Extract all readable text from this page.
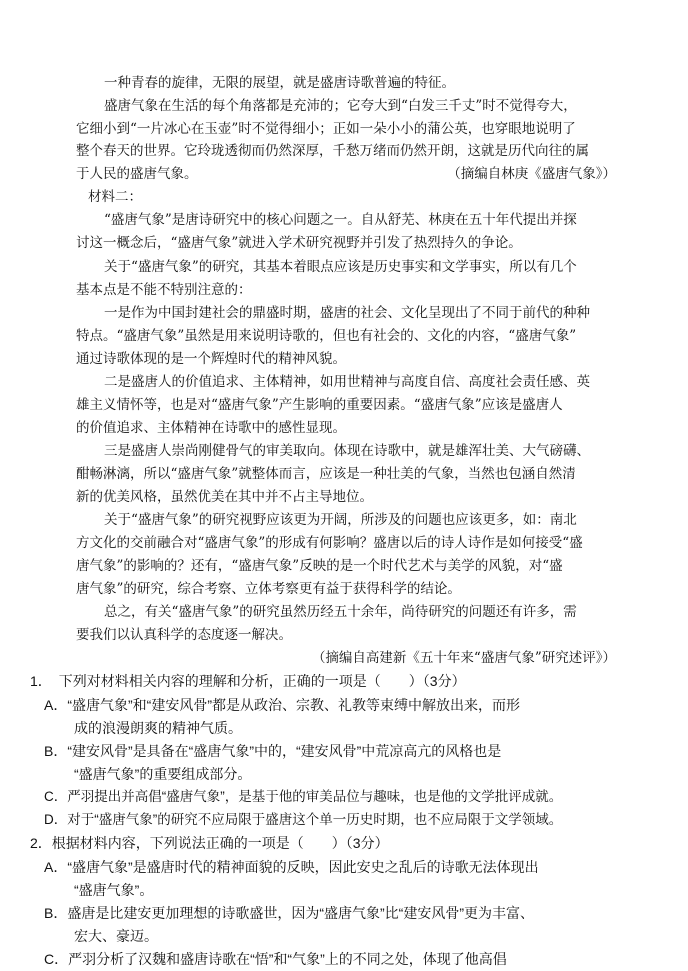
一种青春的旋律，无限的展望，就是盛唐诗歌普遍的特征。
盛唐气象在生活的每个角落都是充沛的；它夸大到“白发三千丈”时不觉得夸大，
它细小到“一片冰心在玉壶”时不觉得细小；正如一朵小小的蒲公英，也穿眼地说明了
整个春天的世界。它玲珑透彻而仍然深厚，千愁万绪而仍然开朗，这就是历代向往的属
于人民的盛唐气象。	（摘编自林庚《盛唐气象》）
材料二：
“盛唐气象”是唐诗研究中的核心问题之一。自从舒芜、林庚在五十年代提出并探
讨这一概念后，“盛唐气象”就进入学术研究视野并引发了热烈持久的争论。
关于“盛唐气象”的研究，其基本着眼点应该是历史事实和文学事实，所以有几个
基本点是不能不特别注意的：
一是作为中国封建社会的鼎盛时期，盛唐的社会、文化呈现出了不同于前代的种种
特点。“盛唐气象”虽然是用来说明诗歌的，但也有社会的、文化的内容，“盛唐气象”
通过诗歌体现的是一个辉煌时代的精神风貌。
二是盛唐人的价值追求、主体精神，如用世精神与高度自信、高度社会责任感、英
雄主义情怀等，也是对“盛唐气象”产生影响的重要因素。“盛唐气象”应该是盛唐人
的价值追求、主体精神在诗歌中的感性显现。
三是盛唐人崇尚刚健骨气的审美取向。体现在诗歌中，就是雄浑壮美、大气磅礴、
酣畅淋漓，所以“盛唐气象”就整体而言，应该是一种壮美的气象，当然也包涵自然清
新的优美风格，虽然优美在其中并不占主导地位。
关于“盛唐气象”的研究视野应该更为开阔，所涉及的问题也应该更多，如：南北
方文化的交前融合对“盛唐气象”的形成有何影响？盛唐以后的诗人诗作是如何接受“盛
唐气象”的影响的？还有，“盛唐气象”反映的是一个时代艺术与美学的风貌，对“盛
唐气象”的研究，综合考察、立体考察更有益于获得科学的结论。
总之，有关“盛唐气象”的研究虽然历经五十余年，尚待研究的问题还有许多，需
要我们以认真科学的态度逐一解决。
（摘编自高建新《五十年来“盛唐气象”研究述评》）
1．　下列对材料相关内容的理解和分析，正确的一项是（　　）（3分）
A．“盛唐气象”和“建安风骨”都是从政治、宗教、礼教等束缚中解放出来，而形
成的浪漫朗爽的精神气质。
B．“建安风骨”是具备在“盛唐气象”中的，“建安风骨”中荒凉高亢的风格也是
“盛唐气象”的重要组成部分。
C．严羽提出并高倡“盛唐气象”，是基于他的审美品位与趣味，也是他的文学批评成就。
D．对于“盛唐气象”的研究不应局限于盛唐这个单一历史时期，也不应局限于文学领域。
2．根据材料内容，下列说法正确的一项是（　　）（3分）
A．“盛唐气象”是盛唐时代的精神面貌的反映，因此安史之乱后的诗歌无法体现出
“盛唐气象”。
B．盛唐是比建安更加理想的诗歌盛世，因为“盛唐气象”比“建安风骨”更为丰富、
宏大、豪迈。
C．严羽分析了汉魏和盛唐诗歌在“悟”和“气象”上的不同之处，体现了他高倡
